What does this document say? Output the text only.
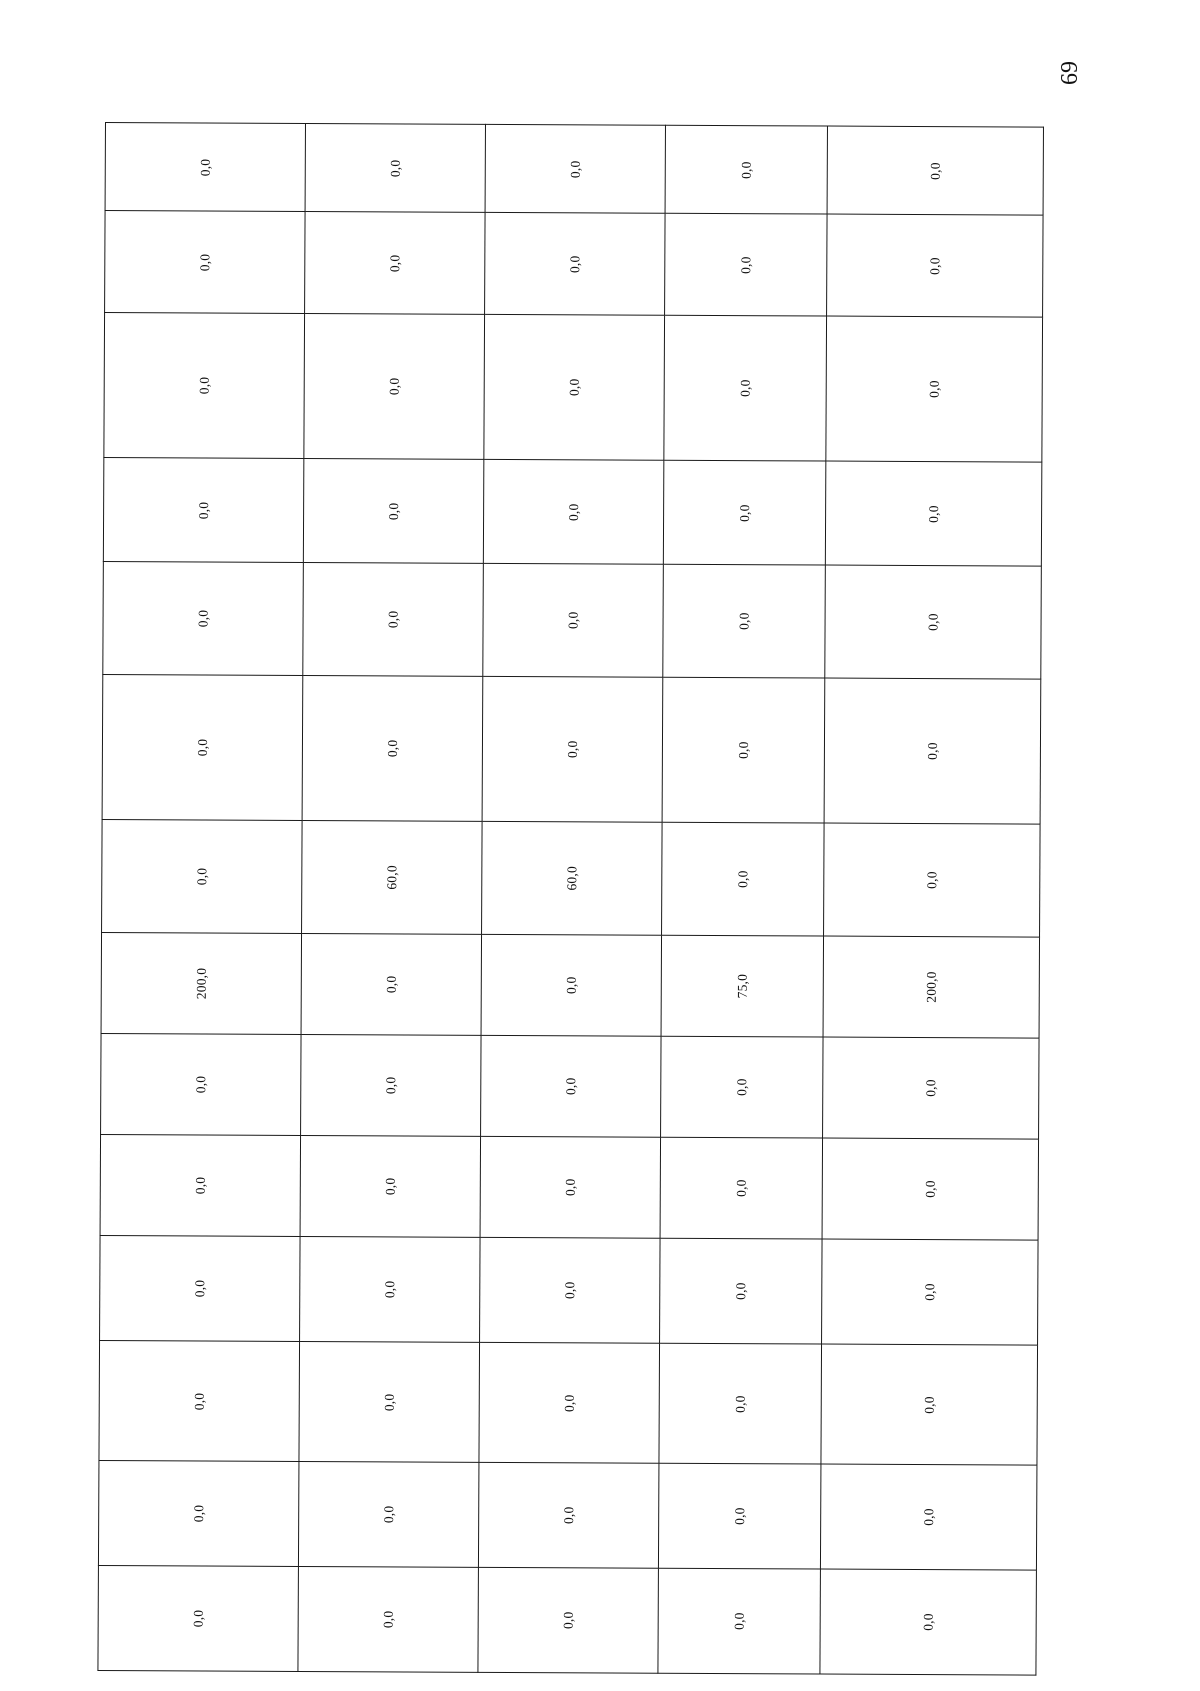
69
0,0	0,0	0,0	0,0	0,0

0,0	0,0	0,0	0,0	0,0

0,0	0,0	0,0	0,0	0,0

0,0	0,0	0,0	0,0	0,0

0,0	0,0	0,0	0,0	0,0

0,0	0,0	0,0	0,0	0,0

0,0	60,0	60,0	0,0	0,0

200,0	0,0	0,0	75,0	200,0

0,0	0,0	0,0	0,0	0,0

0,0	0,0	0,0	0,0	0,0

0,0	0,0	0,0	0,0	0,0

0,0	0,0	0,0	0,0	0,0

0,0	0,0	0,0	0,0	0,0

0,0	0,0	0,0	0,0	0,0
